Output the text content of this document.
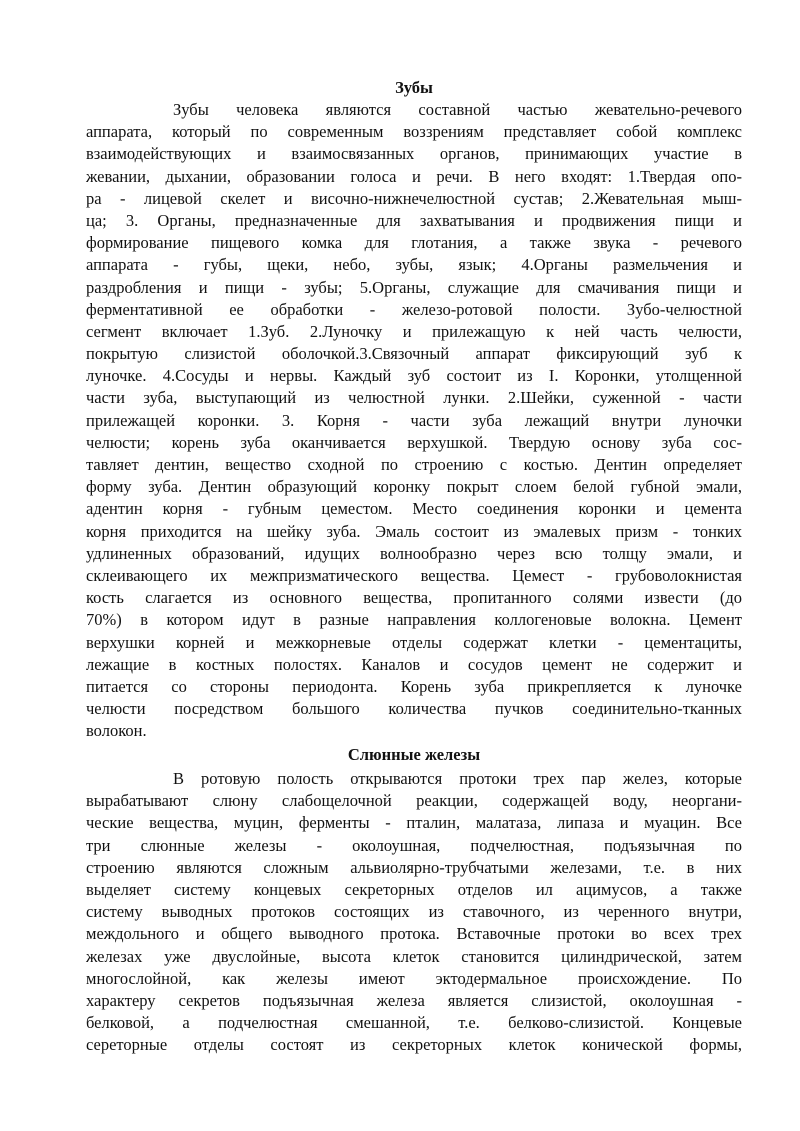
Зубы
Зубы человека являются составной частью жевательно-речевого
аппарата, который по современным воззрениям представляет собой комплекс
взаимодействующих и взаимосвязанных органов, принимающих участие в
жевании, дыхании, образовании голоса и речи. В него входят: 1.Твердая опо-
ра - лицевой скелет и височно-нижнечелюстной сустав; 2.Жевательная мыш-
ца; 3. Органы, предназначенные для захватывания и продвижения пищи и
формирование пищевого комка для глотания, а также звука - речевого
аппарата - губы, щеки, небо, зубы, язык; 4.Органы размельчения и
раздробления и пищи - зубы; 5.Органы, служащие для смачивания пищи и
ферментативной ее обработки - железо-ротовой полости. Зубо-челюстной
сегмент включает 1.Зуб. 2.Луночку и прилежащую к ней часть челюсти,
покрытую слизистой оболочкой.3.Связочный аппарат фиксирующий зуб к
луночке. 4.Сосуды и нервы. Каждый зуб состоит из I. Коронки, утолщенной
части зуба, выступающий из челюстной лунки. 2.Шейки, суженной - части
прилежащей коронки. 3. Корня - части зуба лежащий внутри луночки
челюсти; корень зуба оканчивается верхушкой. Твердую основу зуба сос-
тавляет дентин, вещество сходной по строению с костью. Дентин определяет
форму зуба. Дентин образующий коронку покрыт слоем белой губной эмали,
адентин корня - губным цеместом. Место соединения коронки и цемента
корня приходится на шейку зуба. Эмаль состоит из эмалевых призм - тонких
удлиненных образований, идущих волнообразно через всю толщу эмали, и
склеивающего их межпризматического вещества. Цемест - грубоволокнистая
кость слагается из основного вещества, пропитанного солями извести (до
70%) в котором идут в разные направления коллогеновые волокна. Цемент
верхушки корней и межкорневые отделы содержат клетки - цементациты,
лежащие в костных полостях. Каналов и сосудов цемент не содержит и
питается со стороны периодонта. Корень зуба прикрепляется к луночке
челюсти посредством большого количества пучков соединительно-тканных
волокон.
Слюнные железы
В ротовую полость открываются протоки трех пар желез, которые
вырабатывают слюну слабощелочной реакции, содержащей воду, неоргани-
ческие вещества, муцин, ферменты - пталин, малатаза, липаза и муацин. Все
три слюнные железы - околоушная, подчелюстная, подъязычная по
строению являются сложным альвиолярно-трубчатыми железами, т.е. в них
выделяет систему концевых секреторных отделов ил ацимусов, а также
систему выводных протоков состоящих из ставочного, из черенного внутри,
междольного и общего выводного протока. Вставочные протоки во всех трех
железах уже двуслойные, высота клеток становится цилиндрической, затем
многослойной, как железы имеют эктодермальное происхождение. По
характеру секретов подъязычная железа является слизистой, околоушная -
белковой, а подчелюстная смешанной, т.е. белково-слизистой. Концевые
сереторные отделы состоят из секреторных клеток конической формы,
